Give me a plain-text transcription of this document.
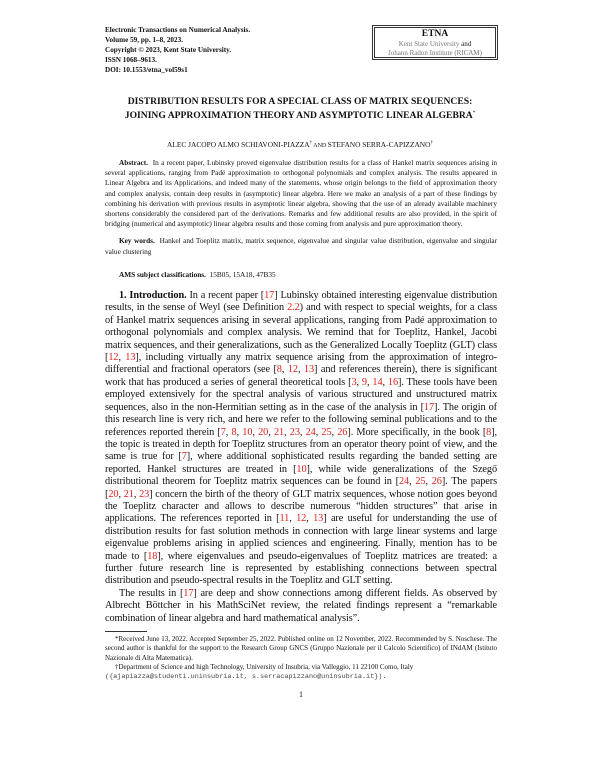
Electronic Transactions on Numerical Analysis.
Volume 59, pp. 1–8, 2023.
Copyright © 2023, Kent State University.
ISSN 1068–9613.
DOI: 10.1553/etna_vol59s1
ETNA
Kent State University and
Johann Radon Institute (RICAM)
DISTRIBUTION RESULTS FOR A SPECIAL CLASS OF MATRIX SEQUENCES:
JOINING APPROXIMATION THEORY AND ASYMPTOTIC LINEAR ALGEBRA*
ALEC JACOPO ALMO SCHIAVONI-PIAZZA† AND STEFANO SERRA-CAPIZZANO†

Abstract. In a recent paper, Lubinsky proved eigenvalue distribution results for a class of Hankel matrix sequences arising in several applications, ranging from Padé approximation to orthogonal polynomials and complex analysis. The results appeared in Linear Algebra and its Applications, and indeed many of the statements, whose origin belongs to the field of approximation theory and complex analysis, contain deep results in (asymptotic) linear algebra. Here we make an analysis of a part of these findings by combining his derivation with previous results in asymptotic linear algebra, showing that the use of an already available machinery shortens considerably the considered part of the derivations. Remarks and few additional results are also provided, in the spirit of bridging (numerical and asymptotic) linear algebra results and those coming from analysis and pure approximation theory.

Key words. Hankel and Toeplitz matrix, matrix sequence, eigenvalue and singular value distribution, eigenvalue and singular value clustering

AMS subject classifications. 15B05, 15A18, 47B35

1. Introduction. In a recent paper [17] Lubinsky obtained interesting eigenvalue distribution results, in the sense of Weyl (see Definition 2.2) and with respect to special weights, for a class of Hankel matrix sequences arising in several applications, ranging from Padé approximation to orthogonal polynomials and complex analysis. We remind that for Toeplitz, Hankel, Jacobi matrix sequences, and their generalizations, such as the Generalized Locally Toeplitz (GLT) class [12, 13], including virtually any matrix sequence arising from the approximation of integro-differential and fractional operators (see [8, 12, 13] and references therein), there is significant work that has produced a series of general theoretical tools [3, 9, 14, 16]. These tools have been employed extensively for the spectral analysis of various structured and unstructured matrix sequences, also in the non-Hermitian setting as in the case of the analysis in [17]. The origin of this research line is very rich, and here we refer to the following seminal publications and to the references reported therein [7, 8, 10, 20, 21, 23, 24, 25, 26]. More specifically, in the book [8], the topic is treated in depth for Toeplitz structures from an operator theory point of view, and the same is true for [7], where additional sophisticated results regarding the banded setting are reported. Hankel structures are treated in [10], while wide generalizations of the Szegő distributional theorem for Toeplitz matrix sequences can be found in [24, 25, 26]. The papers [20, 21, 23] concern the birth of the theory of GLT matrix sequences, whose notion goes beyond the Toeplitz character and allows to describe numerous “hidden structures” that arise in applications. The references reported in [11, 12, 13] are useful for understanding the use of distribution results for fast solution methods in connection with large linear systems and large eigenvalue problems arising in applied sciences and engineering. Finally, mention has to be made to [18], where eigenvalues and pseudo-eigenvalues of Toeplitz matrices are treated: a further future research line is represented by establishing connections between spectral distribution and pseudo-spectral results in the Toeplitz and GLT setting.

The results in [17] are deep and show connections among different fields. As observed by Albrecht Böttcher in his MathSciNet review, the related findings represent a “remarkable combination of linear algebra and hard mathematical analysis”.

*Received June 13, 2022. Accepted September 25, 2022. Published online on 12 November, 2022. Recommended by S. Noschese. The second author is thankful for the support to the Research Group GNCS (Gruppo Nazionale per il Calcolo Scientifico) of INdAM (Istituto Nazionale di Alta Matematica).

†Department of Science and high Technology, University of Insubria, via Valleggio, 11 22100 Como, Italy

({ajapiazza@studenti.uninsubria.it, s.serracapizzano@uninsubria.it}).
1
